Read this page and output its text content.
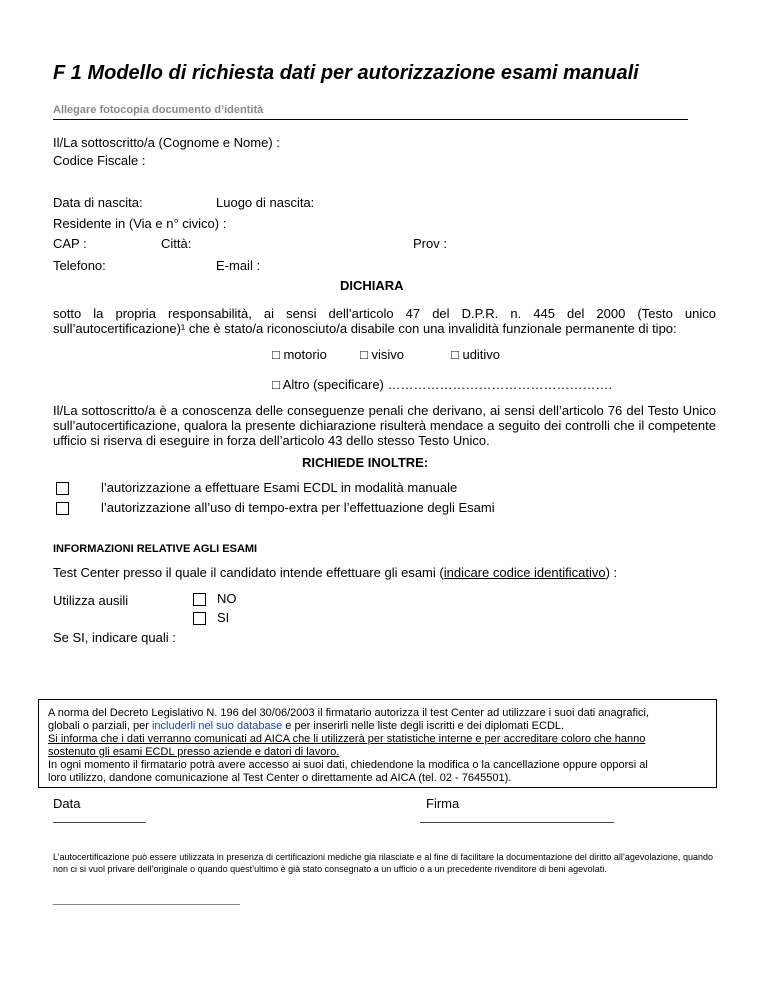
F 1 Modello di richiesta dati per autorizzazione esami manuali
Allegare fotocopia documento d’identità
Il/La sottoscritto/a (Cognome e Nome) :
Codice Fiscale :
Data di nascita:	Luogo di nascita:
Residente in (Via e n° civico) :
CAP :	Città:	Prov :
Telefono:	E-mail :
DICHIARA
sotto la propria responsabilità, ai sensi dell’articolo 47 del D.P.R. n. 445 del 2000 (Testo unico
sull’autocertificazione)¹ che è stato/a riconosciuto/a disabile con una invalidità funzionale permanente di tipo:
□ motorio	□ visivo	□ uditivo
□ Altro (specificare) …………………………………………….
Il/La sottoscritto/a è a conoscenza delle conseguenze penali che derivano, ai sensi dell’articolo 76 del Testo Unico
sull’autocertificazione, qualora la presente dichiarazione risulterà mendace a seguito dei controlli che il competente
ufficio si riserva di eseguire in forza dell’articolo 43 dello stesso Testo Unico.
RICHIEDE INOLTRE:
l’autorizzazione a effettuare Esami ECDL in modalità manuale
l’autorizzazione all’uso di tempo-extra per l’effettuazione degli Esami
INFORMAZIONI RELATIVE AGLI ESAMI
Test Center presso il quale il candidato intende effettuare gli esami (indicare codice identificativo) :
Utilizza ausili	NO
SI
Se SI, indicare quali :
A norma del Decreto Legislativo N. 196 del 30/06/2003 il firmatario autorizza il test Center ad utilizzare i suoi dati anagrafici,
globali o parziali, per includerli nel suo database e per inserirli nelle liste degli iscritti e dei diplomati ECDL.
Si informa che i dati verranno comunicati ad AICA che li utilizzerà per statistiche interne e per accreditare coloro che hanno
sostenuto gli esami ECDL presso aziende e datori di lavoro.
In ogni momento il firmatario potrà avere accesso ai suoi dati, chiedendone la modifica o la cancellazione oppure opporsi al
loro utilizzo, dandone comunicazione al Test Center o direttamente ad AICA (tel. 02 - 7645501).
Data	Firma
L’autocertificazione può essere utilizzata in presenza di certificazioni mediche già rilasciate e al fine di facilitare la documentazione del diritto all’agevolazione, quando non ci si vuol privare dell’originale o quando quest’ultimo è già stato consegnato a un ufficio o a un precedente rivenditore di beni agevolati.
